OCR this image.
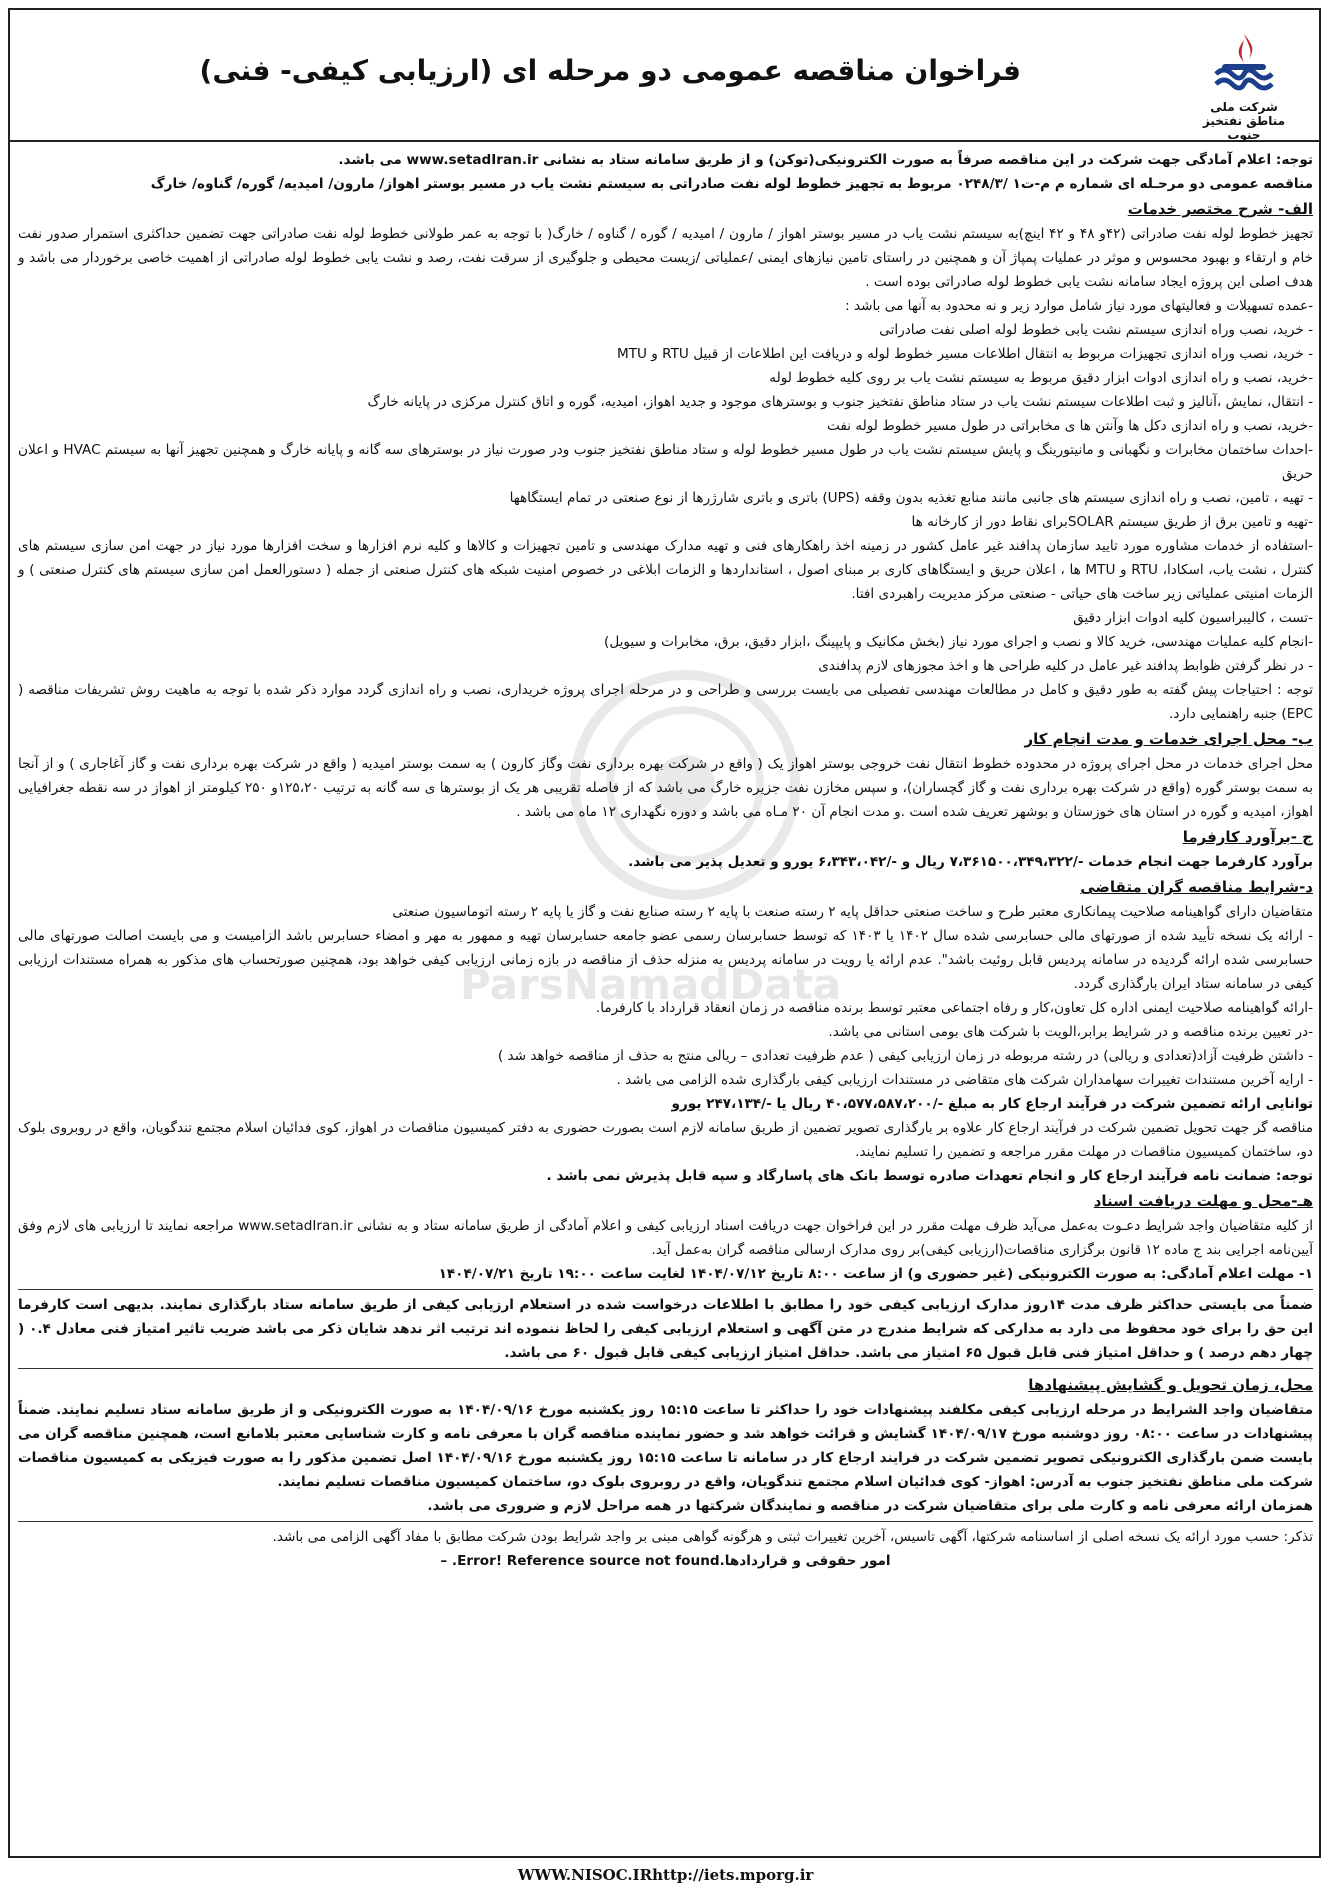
شرکت ملی مناطق نفتخیز جنوب
فراخوان مناقصه عمومی دو مرحله ای (ارزیابی کیفی- فنی)
ParsNamadData

توجه: اعلام آمادگی جهت شرکت در این مناقصه صرفاً به صورت الکترونیکی(توکن) و از طریق سامانه ستاد به نشانی www.setadIran.ir می باشد.

مناقصه عمومی دو مرحـله ای شماره م م-ت۱ /۰۲۴۸/۳ مربوط به تجهیز خطوط لوله نفت صادراتی به سیستم نشت یاب در مسیر بوستر اهواز/ مارون/ امیدیه/ گوره/ گناوه/ خارگ

الف- شرح مختصر خدمات

تجهیز خطوط لوله نفت صادراتی (۴۲و ۴۸ و ۴۲ اینچ)به سیستم نشت یاب در مسیر بوستر اهواز / مارون / امیدیه / گوره / گناوه / خارگ( با توجه به عمر طولانی خطوط لوله نفت صادراتی جهت تضمین حداکثری استمرار صدور نفت خام و ارتقاء و بهبود محسوس و موثر در عملیات پمپاژ آن و همچنین در راستای تامین نیازهای ایمنی /عملیاتی /زیست محیطی و جلوگیری از سرقت نفت، رصد و نشت یابی خطوط لوله صادراتی از اهمیت خاصی برخوردار می باشد و هدف اصلی این پروژه ایجاد سامانه نشت یابی خطوط لوله صادراتی بوده است .

-عمده تسهیلات و فعالیتهای مورد نیاز شامل موارد زیر و نه محدود به آنها می باشد :

- خرید، نصب وراه اندازی سیستم نشت یابی خطوط لوله اصلی نفت صادراتی

- خرید، نصب وراه اندازی تجهیزات مربوط به انتقال اطلاعات مسیر خطوط لوله و دریافت این اطلاعات از قبیل RTU و MTU

-خرید، نصب و راه اندازی ادوات ابزار دقیق مربوط به سیستم نشت یاب بر روی کلیه خطوط لوله

- انتقال، نمایش ،آنالیز و ثبت اطلاعات سیستم نشت یاب در ستاد مناطق نفتخیز جنوب و بوسترهای موجود و جدید اهواز، امیدیه، گوره و اتاق کنترل مرکزی در پایانه خارگ

-خرید، نصب و راه اندازی دکل ها وآنتن ها ی مخابراتی در طول مسیر خطوط لوله نفت

-احداث ساختمان مخابرات و نگهبانی و مانیتورینگ و پایش سیستم نشت یاب در طول مسیر خطوط لوله و ستاد مناطق نفتخیز جنوب ودر صورت نیاز در بوسترهای سه گانه و پایانه خارگ و همچنین تجهیز آنها به سیستم HVAC و اعلان حریق

- تهیه ، تامین، نصب و راه اندازی سیستم های جانبی مانند منابع تغذیه بدون وقفه (UPS) باتری و باتری شارژرها از نوع صنعتی در تمام ایستگاهها

-تهیه و تامین برق از طریق سیستم SOLARبرای نقاط دور از کارخانه ها

-استفاده از خدمات مشاوره مورد تایید سازمان پدافند غیر عامل کشور در زمینه اخذ راهکارهای فنی و تهیه مدارک مهندسی و تامین تجهیزات و کالاها و کلیه نرم افزارها و سخت افزارها مورد نیاز در جهت امن سازی سیستم های کنترل ، نشت یاب، اسکادا، RTU و MTU ها ، اعلان حریق و ایستگاهای کاری بر مبنای اصول ، استانداردها و الزمات ابلاغی در خصوص امنیت شبکه های کنترل صنعتی از جمله ( دستورالعمل امن سازی سیستم های کنترل صنعتی ) و الزمات امنیتی عملیاتی زیر ساخت های حیاتی - صنعتی مرکز مدیریت راهبردی افتا.

-تست ، کالیبراسیون کلیه ادوات ابزار دقیق

-انجام کلیه عملیات مهندسی، خرید کالا و نصب و اجرای مورد نیاز (بخش مکانیک و پایپینگ ،ابزار دقیق، برق، مخابرات و سیویل)

- در نظر گرفتن ظوابط پدافند غیر عامل در کلیه طراحی ها و اخذ مجوزهای لازم پدافندی

توجه : احتیاجات پیش گفته به طور دقیق و کامل در مطالعات مهندسی تفصیلی می بایست بررسی و طراحی و در مرحله اجرای پروژه خریداری، نصب و راه اندازی گردد موارد ذکر شده با توجه به ماهیت روش تشریفات مناقصه ( EPC) جنبه راهنمایی دارد.

ب- محل اجرای خدمات و مدت انجام کار

محل اجرای خدمات در محل اجرای پروژه در محدوده خطوط انتقال نفت خروجی بوستر اهواز یک ( واقع در شرکت بهره برداری نفت وگاز کارون ) به سمت بوستر امیدیه ( واقع در شرکت بهره برداری نفت و گاز آغاجاری ) و از آنجا به سمت بوستر گوره (واقع در شرکت بهره برداری نفت و گاز گچساران)، و سپس مخازن نفت جزیره خارگ می باشد که از فاصله تقریبی هر یک از بوسترها ی سه گانه به ترتیب ۱۲۵،۲۰و ۲۵۰ کیلومتر از اهواز در سه نقطه جغرافیایی اهواز، امیدیه و گوره در استان های خوزستان و بوشهر تعریف شده است .و مدت انجام آن ۲۰ مـاه می باشد و دوره نگهداری ۱۲ ماه می باشد .

ج -برآورد کارفرما

برآورد کارفرما جهت انجام خدمات -/۷،۳۶۱۵۰۰،۳۴۹،۳۲۲ ریال و -/۶،۳۴۳،۰۴۲ یورو و تعدیل پذیر می باشد.

د-شرایط مناقصه گران متقاضی

متقاضیان دارای گواهینامه صلاحیت پیمانکاری معتبر طرح و ساخت صنعتی حداقل پایه ۲ رسته صنعت با پایه ۲ رسته صنایع نفت و گاز یا پایه ۲ رسته اتوماسیون صنعتی

- ارائه یک نسخه تأیید شده از صورتهای مالی حسابرسی شده سال ۱۴۰۲ یا ۱۴۰۳ که توسط حسابرسان رسمی عضو جامعه حسابرسان تهیه و ممهور به مهر و امضاء حسابرس باشد الزامیست و می بایست اصالت صورتهای مالی حسابرسی شده ارائه گردیده در سامانه پردیس قابل روئیت باشد". عدم ارائه یا رویت در سامانه پردیس به منزله حذف از مناقصه در بازه زمانی ارزیابی کیفی خواهد بود، همچنین صورتحساب های مذکور به همراه مستندات ارزیابی کیفی در سامانه ستاد ایران بارگذاری گردد.

-ارائه گواهینامه صلاحیت ایمنی اداره کل تعاون،کار و رفاه اجتماعی معتبر توسط برنده مناقصه در زمان انعقاد قرارداد با کارفرما.

-در تعیین برنده مناقصه و در شرایط برابر،الویت با شرکت های بومی استانی می باشد.

- داشتن ظرفیت آزاد(تعدادی و ریالی) در رشته مربوطه در زمان ارزیابی کیفی ( عدم ظرفیت تعدادی – ریالی منتج به حذف از مناقصه خواهد شد )

- ارایه آخرین مستندات تغییرات سهامداران شرکت های متقاضی در مستندات ارزیابی کیفی بارگذاری شده الزامی می باشد .

توانایی ارائه تضمین شرکت در فرآیند ارجاع کار به مبلغ -/۴۰،۵۷۷،۵۸۷،۲۰۰ ریال یا -/۲۴۷،۱۳۴ یورو

مناقصه گر جهت تحویل تضمین شرکت در فرآیند ارجاع کار علاوه بر بارگذاری تصویر تضمین از طریق سامانه لازم است بصورت حضوری به دفتر کمیسیون مناقصات در اهواز، کوی فدائیان اسلام مجتمع تندگویان، واقع در روبروی بلوک دو، ساختمان کمیسیون مناقصات در مهلت مقرر مراجعه و تضمین را تسلیم نمایند.

توجه: ضمانت نامه فرآیند ارجاع کار و انجام تعهدات صادره توسط بانک های پاسارگاد و سپه قابل پذیرش نمی باشد .

هـ-محل و مهلت دریافت اسناد

از کلیه متقاضیان واجد شرایط دعـوت به‌عمل می‌آید ظرف مهلت مقرر در این فراخوان جهت دریافت اسناد ارزیابی کیفی و اعلام آمادگی از طریق سامانه ستاد و به نشانی www.setadIran.ir مراجعه نمایند تا ارزیابی های لازم وفق آیین‌نامه اجرایی بند ج ماده ۱۲ قانون برگزاری مناقصات(ارزیابی کیفی)بر روی مدارک ارسالی مناقصه گران به‌عمل آید.

۱- مهلت اعلام آمادگی: به صورت الکترونیکی (غیر حضوری و) از ساعت ۸:۰۰ تاریخ ۱۴۰۴/۰۷/۱۲ لغایت ساعت ۱۹:۰۰ تاریخ ۱۴۰۴/۰۷/۲۱

ضمناً می بایستی حداکثر ظرف مدت ۱۴روز مدارک ارزیابی کیفی خود را مطابق با اطلاعات درخواست شده در استعلام ارزیابی کیفی از طریق سامانه ستاد بارگذاری نمایند. بدیهی است کارفرما این حق را برای خود محفوظ می دارد به مدارکی که شرایط مندرج در متن آگهی و استعلام ارزیابی کیفی را لحاظ ننموده اند ترتیب اثر ندهد شایان ذکر می باشد ضریب تاثیر امتیاز فنی معادل ۰.۴ ( چهار دهم درصد ) و حداقل امتیاز فنی قابل قبول ۶۵ امتیاز می باشد. حداقل امتیاز ارزیابی کیفی قابل قبول ۶۰ می باشد.

محل، زمان تحویل و گشایش پیشنهادها

متقاضیان واجد الشرایط در مرحله ارزیابی کیفی مکلفند پیشنهادات خود را حداکثر تا ساعت ۱۵:۱۵ روز یکشنبه مورخ ۱۴۰۴/۰۹/۱۶ به صورت الکترونیکی و از طریق سامانه ستاد تسلیم نمایند. ضمناً پیشنهادات در ساعت ۰۸:۰۰ روز دوشنبه مورخ ۱۴۰۴/۰۹/۱۷ گشایش و قرائت خواهد شد و حضور نماینده مناقصه گران با معرفی نامه و کارت شناسایی معتبر بلامانع است، همچنین مناقصه گران می بایست ضمن بارگذاری الکترونیکی تصویر تضمین شرکت در فرایند ارجاع کار در سامانه تا ساعت ۱۵:۱۵ روز یکشنبه مورخ ۱۴۰۴/۰۹/۱۶ اصل تضمین مذکور را به صورت فیزیکی به کمیسیون مناقصات شرکت ملی مناطق نفتخیز جنوب به آدرس: اهواز- کوی فدائیان اسلام مجتمع تندگویان، واقع در روبروی بلوک دو، ساختمان کمیسیون مناقصات تسلیم نمایند.

همزمان ارائه معرفی نامه و کارت ملی برای متقاضیان شرکت در مناقصه و نمایندگان شرکتها در همه مراحل لازم و ضروری می باشد.

تذکر: حسب مورد ارائه یک نسخه اصلی از اساسنامه شرکتها، آگهی تاسیس، آخرین تغییرات ثبتی و هرگونه گواهی مبنی بر واجد شرایط بودن شرکت مطابق با مفاد آگهی الزامی می باشد.

امور حقوقی و قراردادها.Error! Reference source not found. –

WWW.NISOC.IRhttp://iets.mporg.ir
